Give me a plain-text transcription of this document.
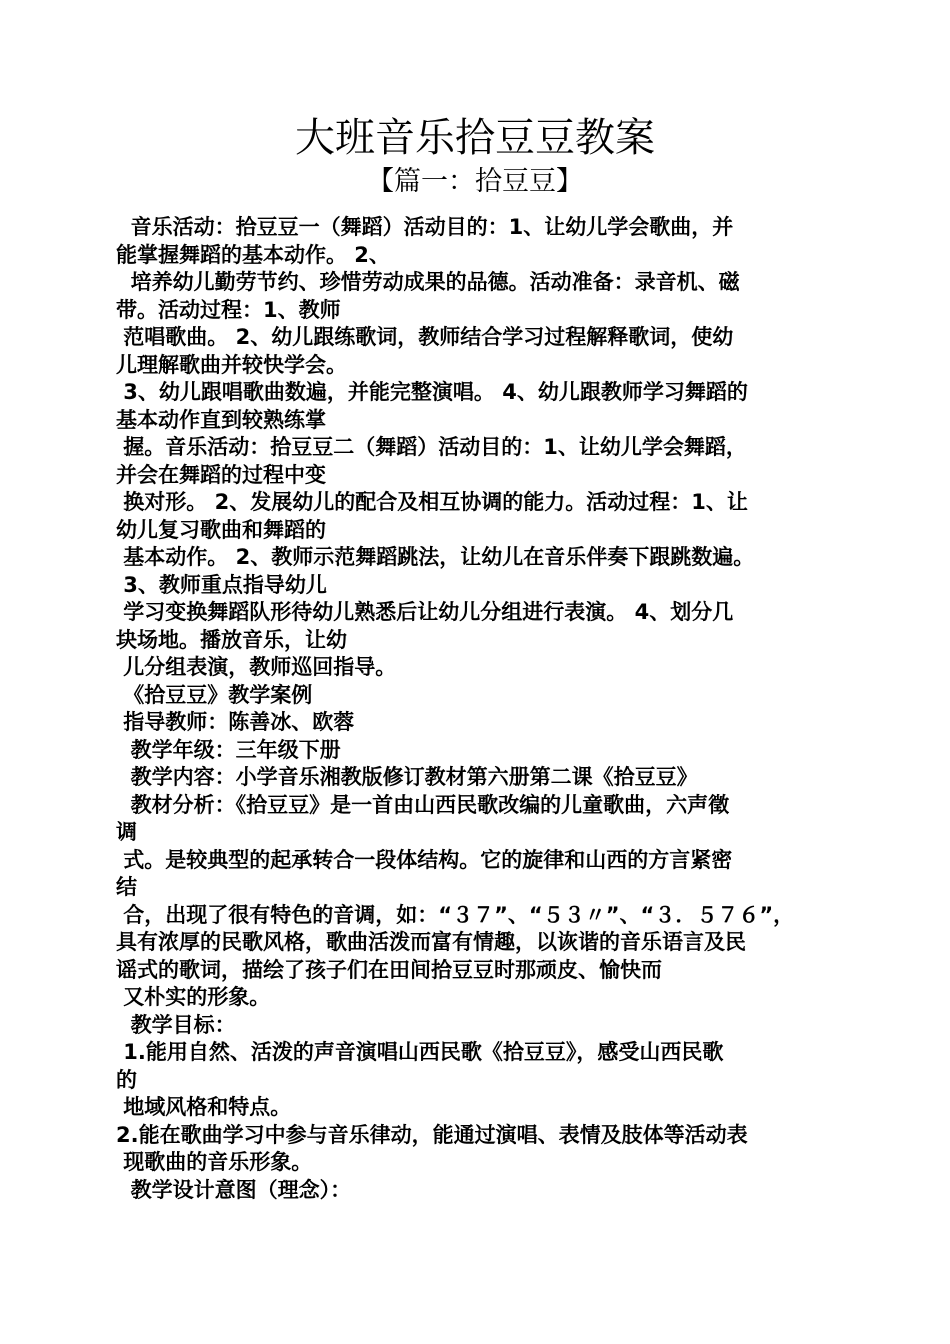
大班音乐拾豆豆教案
【篇一：拾豆豆】
音乐活动：拾豆豆一（舞蹈）活动目的：1、让幼儿学会歌曲，并
能掌握舞蹈的基本动作。 2、
培养幼儿勤劳节约、珍惜劳动成果的品德。活动准备：录音机、磁
带。活动过程：1、教师
范唱歌曲。 2、幼儿跟练歌词，教师结合学习过程解释歌词，使幼
儿理解歌曲并较快学会。
3、幼儿跟唱歌曲数遍，并能完整演唱。 4、幼儿跟教师学习舞蹈的
基本动作直到较熟练掌
握。音乐活动：拾豆豆二（舞蹈）活动目的：1、让幼儿学会舞蹈，
并会在舞蹈的过程中变
换对形。 2、发展幼儿的配合及相互协调的能力。活动过程：1、让
幼儿复习歌曲和舞蹈的
基本动作。 2、教师示范舞蹈跳法，让幼儿在音乐伴奏下跟跳数遍。
3、教师重点指导幼儿
学习变换舞蹈队形待幼儿熟悉后让幼儿分组进行表演。 4、划分几
块场地。播放音乐，让幼
儿分组表演，教师巡回指导。
《拾豆豆》教学案例
指导教师：陈善冰、欧蓉
教学年级：三年级下册
教学内容：小学音乐湘教版修订教材第六册第二课《拾豆豆》
教材分析：《拾豆豆》是一首由山西民歌改编的儿童歌曲，六声徵
调
式。是较典型的起承转合一段体结构。它的旋律和山西的方言紧密
结
合，出现了很有特色的音调，如：“３７”、“５３〃”、“３．５７６”，
具有浓厚的民歌风格，歌曲活泼而富有情趣，以诙谐的音乐语言及民
谣式的歌词，描绘了孩子们在田间拾豆豆时那顽皮、愉快而
又朴实的形象。
教学目标：
1.能用自然、活泼的声音演唱山西民歌《拾豆豆》，感受山西民歌
的
地域风格和特点。
2.能在歌曲学习中参与音乐律动，能通过演唱、表情及肢体等活动表
现歌曲的音乐形象。
教学设计意图（理念）：
